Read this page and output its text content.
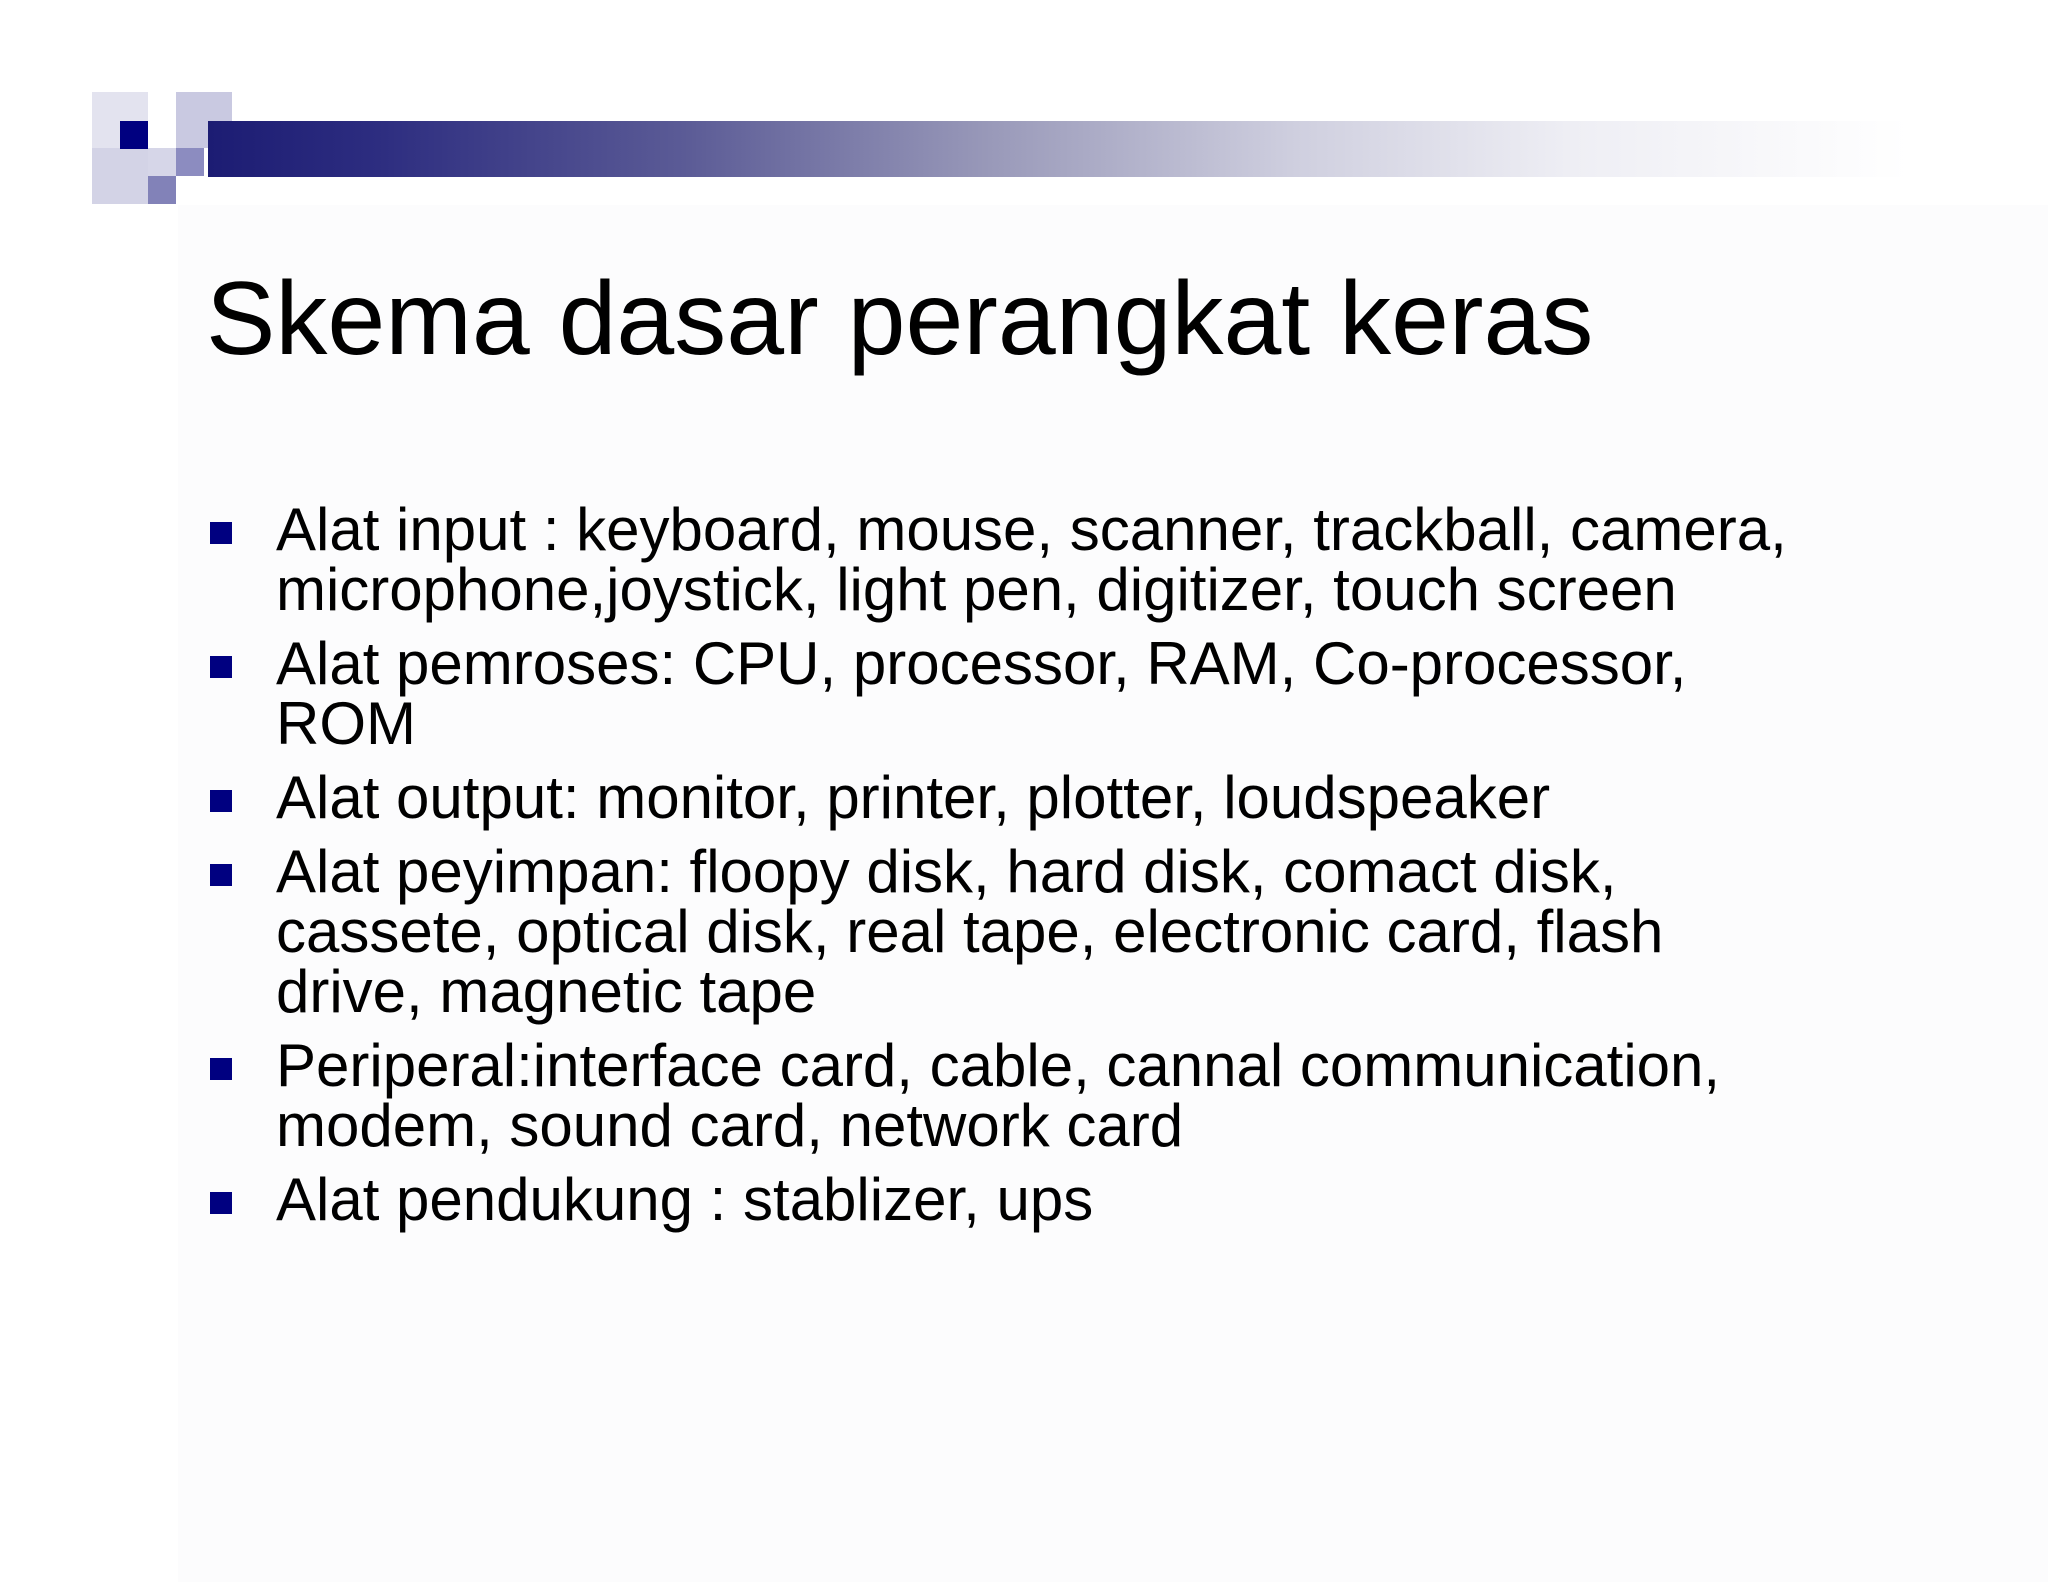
Skema dasar perangkat keras
Alat input : keyboard, mouse, scanner, trackball, camera,
microphone,joystick, light pen, digitizer, touch screen
Alat pemroses: CPU, processor, RAM, Co-processor,
ROM
Alat output: monitor, printer, plotter, loudspeaker
Alat peyimpan: floopy disk, hard disk, comact disk,
cassete, optical disk, real tape, electronic card, flash
drive, magnetic tape
Periperal:interface card, cable, cannal communication,
modem, sound card, network card
Alat pendukung : stablizer, ups
